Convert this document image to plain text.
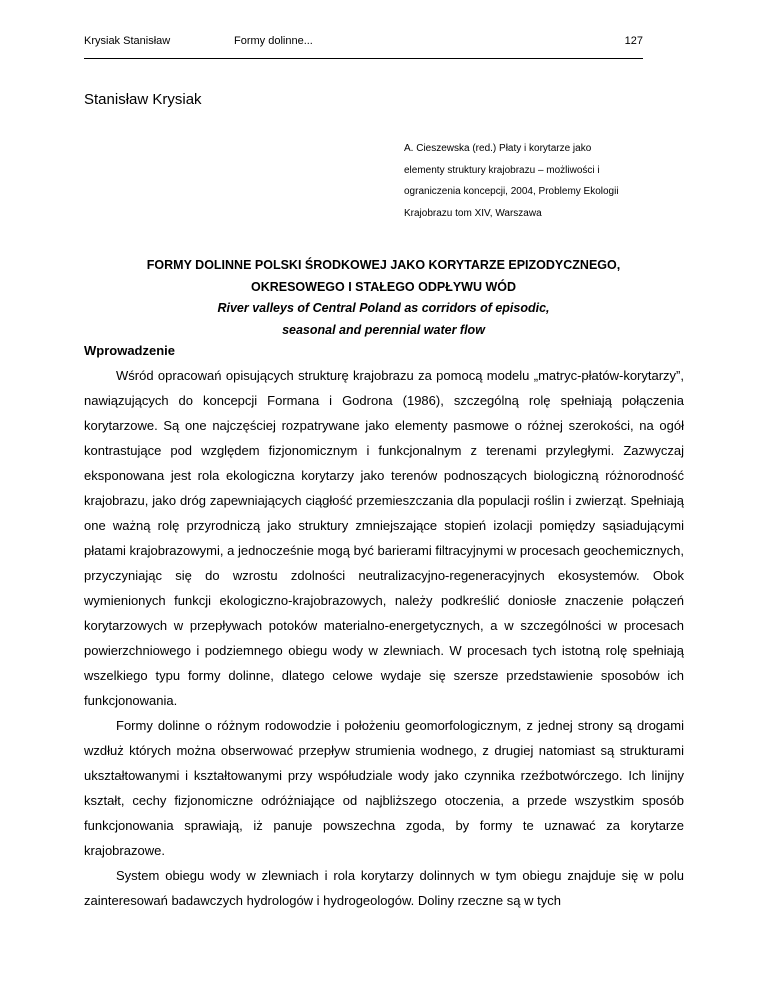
Krysiak Stanisław	Formy dolinne...	127
Stanisław Krysiak
A. Cieszewska (red.) Płaty i korytarze jako
elementy struktury krajobrazu – możliwości i
ograniczenia koncepcji, 2004, Problemy Ekologii
Krajobrazu tom XIV, Warszawa
FORMY DOLINNE POLSKI ŚRODKOWEJ JAKO KORYTARZE EPIZODYCZNEGO,
OKRESOWEGO I STAŁEGO ODPŁYWU WÓD
River valleys of Central Poland as corridors of episodic,
seasonal and perennial water flow
Wprowadzenie

Wśród opracowań opisujących strukturę krajobrazu za pomocą modelu „matryc-płatów-korytarzy”, nawiązujących do koncepcji Formana i Godrona (1986), szczególną rolę spełniają połączenia korytarzowe. Są one najczęściej rozpatrywane jako elementy pasmowe o różnej szerokości, na ogół kontrastujące pod względem fizjonomicznym i funkcjonalnym z terenami przyległymi. Zazwyczaj eksponowana jest rola ekologiczna korytarzy jako terenów podnoszących biologiczną różnorodność krajobrazu, jako dróg zapewniających ciągłość przemieszczania dla populacji roślin i zwierząt. Spełniają one ważną rolę przyrodniczą jako struktury zmniejszające stopień izolacji pomiędzy sąsiadującymi płatami krajobrazowymi, a jednocześnie mogą być barierami filtracyjnymi w procesach geochemicznych, przyczyniając się do wzrostu zdolności neutralizacyjno-regeneracyjnych ekosystemów. Obok wymienionych funkcji ekologiczno-krajobrazowych, należy podkreślić doniosłe znaczenie połączeń korytarzowych w przepływach potoków materialno-energetycznych, a w szczególności w procesach powierzchniowego i podziemnego obiegu wody w zlewniach. W procesach tych istotną rolę spełniają wszelkiego typu formy dolinne, dlatego celowe wydaje się szersze przedstawienie sposobów ich funkcjonowania.

Formy dolinne o różnym rodowodzie i położeniu geomorfologicznym, z jednej strony są drogami wzdłuż których można obserwować przepływ strumienia wodnego, z drugiej natomiast są strukturami ukształtowanymi i kształtowanymi przy współudziale wody jako czynnika rzeźbotwórczego. Ich linijny kształt, cechy fizjonomiczne odróżniające od najbliższego otoczenia, a przede wszystkim sposób funkcjonowania sprawiają, iż panuje powszechna zgoda, by formy te uznawać za korytarze krajobrazowe.

System obiegu wody w zlewniach i rola korytarzy dolinnych w tym obiegu znajduje się w polu zainteresowań badawczych hydrologów i hydrogeologów. Doliny rzeczne są w tych
